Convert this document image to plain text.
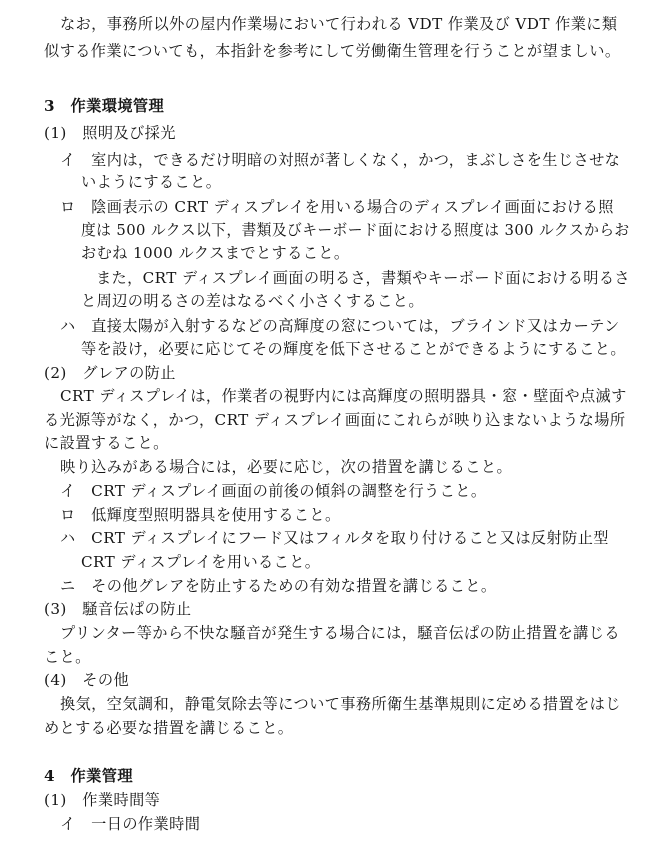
なお，事務所以外の屋内作業場において行われる VDT 作業及び VDT 作業に類
似する作業についても，本指針を参考にして労働衛生管理を行うことが望ましい。
3　作業環境管理
(1)　照明及び採光
イ　室内は，できるだけ明暗の対照が著しくなく，かつ，まぶしさを生じさせな
いようにすること。
ロ　陰画表示の CRT ディスプレイを用いる場合のディスプレイ画面における照
度は 500 ルクス以下，書類及びキーボード面における照度は 300 ルクスからお
おむね 1000 ルクスまでとすること。
また，CRT ディスプレイ画面の明るさ，書類やキーボード面における明るさ
と周辺の明るさの差はなるべく小さくすること。
ハ　直接太陽が入射するなどの高輝度の窓については，ブラインド又はカーテン
等を設け，必要に応じてその輝度を低下させることができるようにすること。
(2)　グレアの防止
CRT ディスプレイは，作業者の視野内には高輝度の照明器具・窓・壁面や点滅す
る光源等がなく，かつ，CRT ディスプレイ画面にこれらが映り込まないような場所
に設置すること。
映り込みがある場合には，必要に応じ，次の措置を講じること。
イ　CRT ディスプレイ画面の前後の傾斜の調整を行うこと。
ロ　低輝度型照明器具を使用すること。
ハ　CRT ディスプレイにフード又はフィルタを取り付けること又は反射防止型
CRT ディスプレイを用いること。
ニ　その他グレアを防止するための有効な措置を講じること。
(3)　騒音伝ぱの防止
プリンター等から不快な騒音が発生する場合には，騒音伝ぱの防止措置を講じる
こと。
(4)　その他
換気，空気調和，静電気除去等について事務所衛生基準規則に定める措置をはじ
めとする必要な措置を講じること。
4　作業管理
(1)　作業時間等
イ　一日の作業時間
